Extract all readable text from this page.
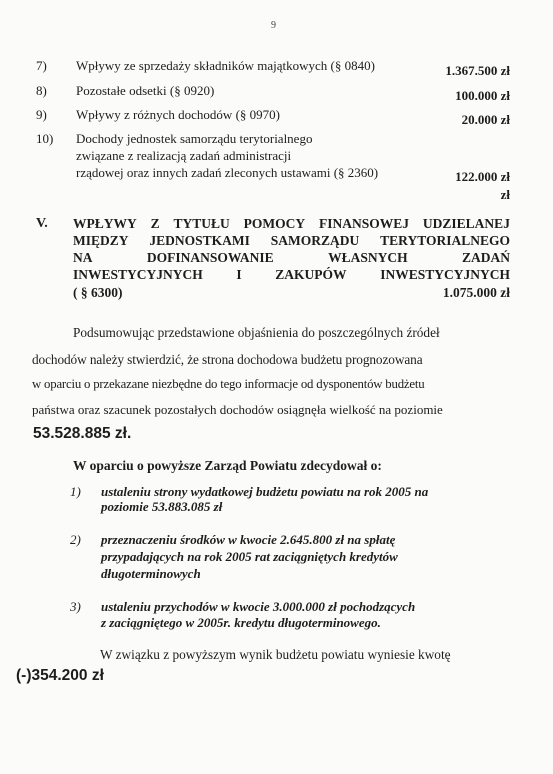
9
7) Wpływy ze sprzedaży składników majątkowych (§ 0840)	1.367.500 zł
8) Pozostałe odsetki (§ 0920)	100.000 zł
9) Wpływy z różnych dochodów (§ 0970)	20.000 zł
10) Dochody jednostek samorządu terytorialnego
związane z realizacją zadań administracji
rządowej oraz innych zadań zleconych ustawami (§ 2360)	122.000 zł
zł
V. WPŁYWY Z TYTUŁU POMOCY FINANSOWEJ UDZIELANEJ
MIĘDZY JEDNOSTKAMI SAMORZĄDU TERYTORIALNEGO
NA	DOFINANSOWANIE	WŁASNYCH	ZADAŃ
INWESTYCYJNYCH I ZAKUPÓW INWESTYCYJNYCH
( § 6300)	1.075.000 zł
Podsumowując przedstawione objaśnienia do poszczególnych źródeł
dochodów należy stwierdzić, że strona dochodowa budżetu prognozowana
w oparciu o przekazane niezbędne do tego informacje od dysponentów budżetu
państwa oraz szacunek pozostałych dochodów osiągnęła wielkość na poziomie
53.528.885 zł.
W oparciu o powyższe Zarząd Powiatu zdecydował o:
1) ustaleniu strony wydatkowej budżetu powiatu na rok 2005 na
poziomie 53.883.085 zł
2) przeznaczeniu środków w kwocie 2.645.800 zł na spłatę
przypadających na rok 2005 rat zaciągniętych kredytów
długoterminowych
3) ustaleniu przychodów w kwocie 3.000.000 zł pochodzących
z zaciągniętego w 2005r. kredytu długoterminowego.
W związku z powyższym wynik budżetu powiatu wyniesie kwotę
(-)354.200 zł
